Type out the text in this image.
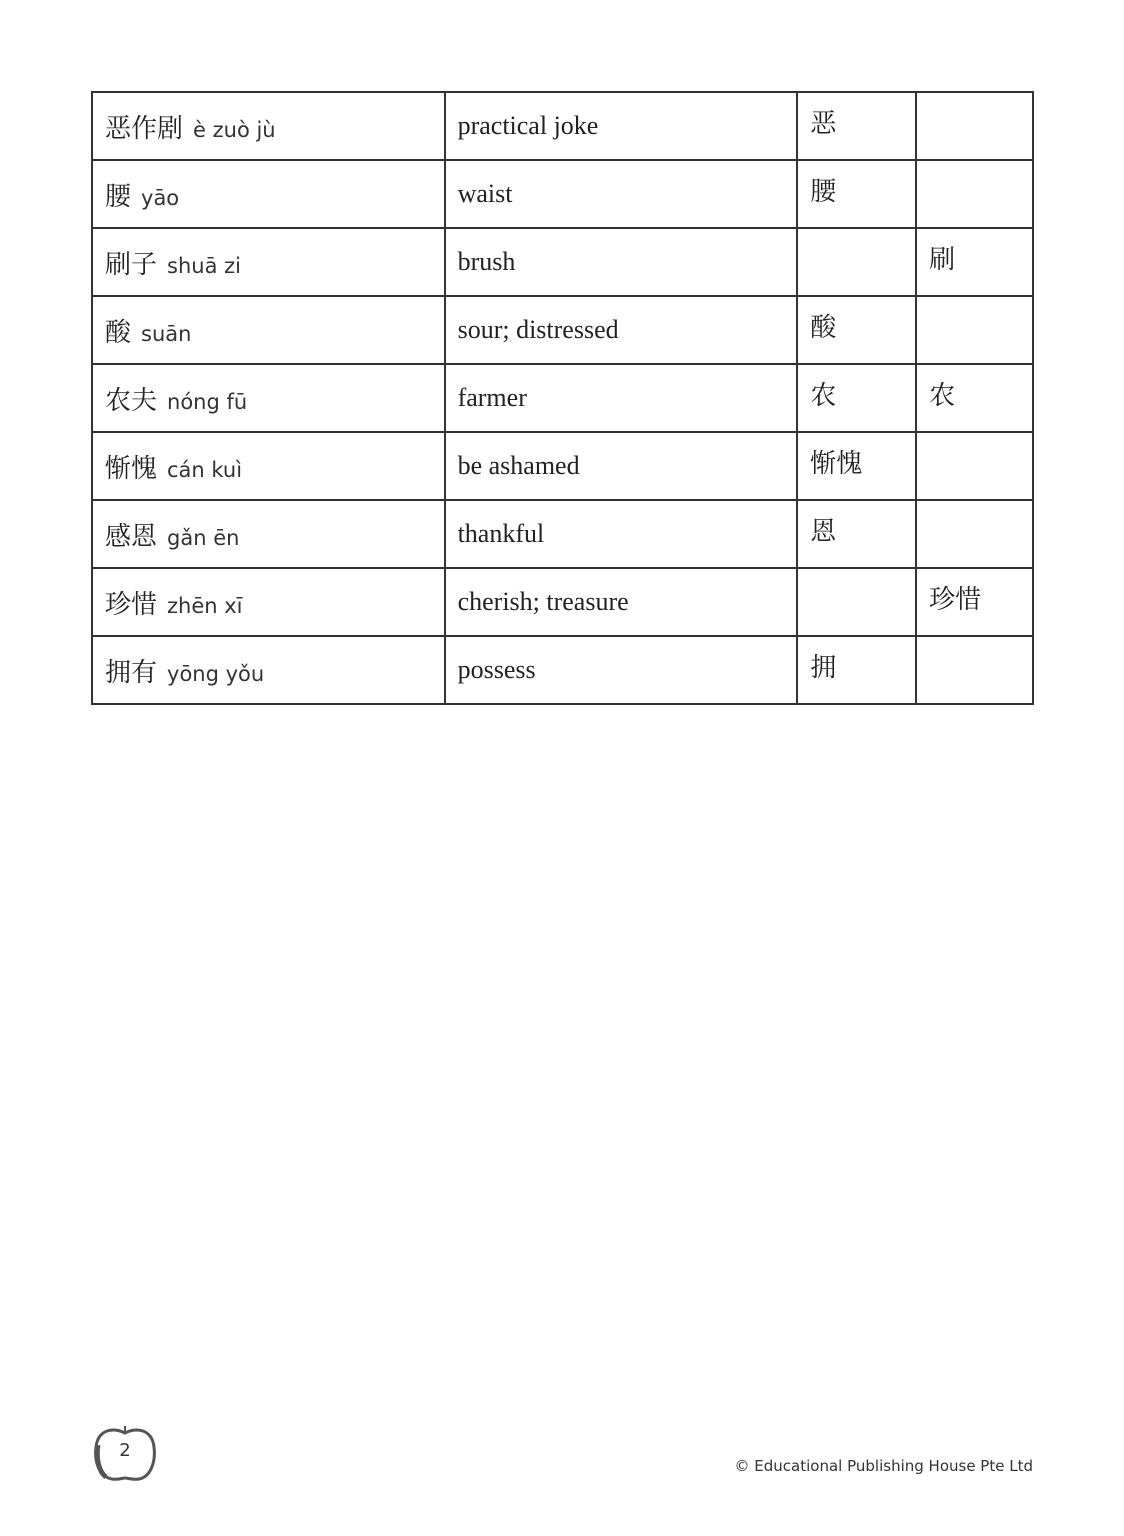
恶作剧 è zuò jù	practical joke	恶	
腰 yāo	waist	腰	
刷子 shuā zi	brush		刷
酸 suān	sour; distressed	酸	
农夫 nóng fū	farmer	农	农
惭愧 cán kuì	be ashamed	惭愧	
感恩 gǎn ēn	thankful	恩	
珍惜 zhēn xī	cherish; treasure		珍惜
拥有 yōng yǒu	possess	拥	
2
© Educational Publishing House Pte Ltd
